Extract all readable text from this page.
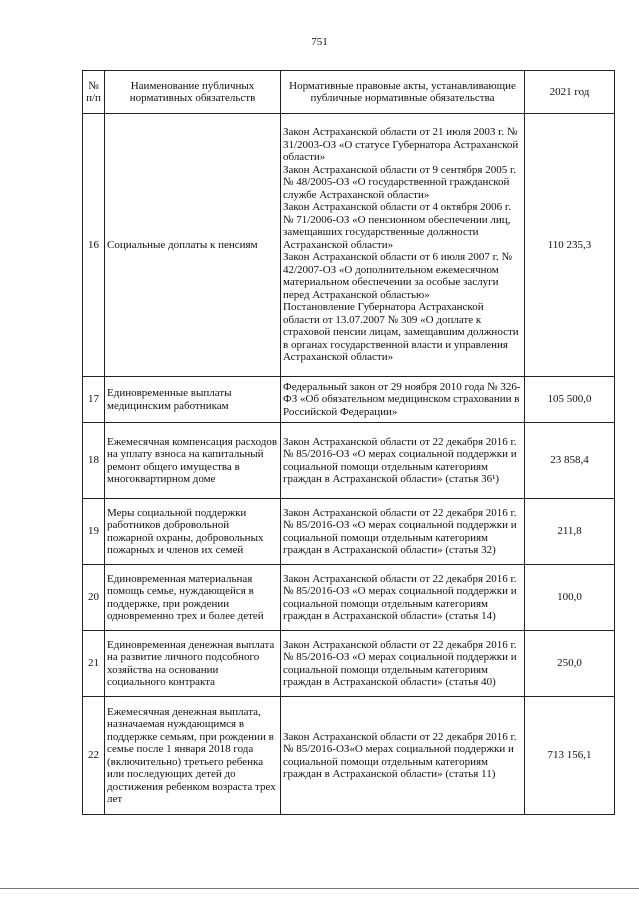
751
№
п/п	Наименование публичных нормативных обязательств	Нормативные правовые акты, устанавливающие публичные нормативные обязательства	2021 год
16	Социальные доплаты к пенсиям	Закон Астраханской области от 21 июля 2003 г. № 31/2003-ОЗ «О статусе Губернатора Астраханской области»
Закон Астраханской области от 9 сентября 2005 г. № 48/2005-ОЗ «О государственной гражданской службе Астраханской области»
Закон Астраханской области от 4 октября 2006 г. № 71/2006-ОЗ «О пенсионном обеспечении лиц, замещавших государственные должности Астраханской области»
Закон Астраханской области от 6 июля 2007 г. № 42/2007-ОЗ «О дополнительном ежемесячном материальном обеспечении за особые заслуги перед Астраханской областью»
Постановление Губернатора Астраханской области от 13.07.2007 № 309 «О доплате к страховой пенсии лицам, замещавшим должности в органах государственной власти и управления Астраханской области»	110 235,3
17	Единовременные выплаты медицинским работникам	Федеральный закон от 29 ноября 2010 года № 326-ФЗ «Об обязательном медицинском страховании в Российской Федерации»	105 500,0
18	Ежемесячная компенсация расходов на уплату взноса на капитальный ремонт общего имущества в многоквартирном доме	Закон Астраханской области от 22 декабря 2016 г. № 85/2016-ОЗ «О мерах социальной поддержки и социальной помощи отдельным категориям граждан в Астраханской области» (статья 36¹)	23 858,4
19	Меры социальной поддержки работников добровольной пожарной охраны, добровольных пожарных и членов их семей	Закон Астраханской области от 22 декабря 2016 г. № 85/2016-ОЗ «О мерах социальной поддержки и социальной помощи отдельным категориям граждан в Астраханской области» (статья 32)	211,8
20	Единовременная материальная помощь семье, нуждающейся в поддержке, при рождении одновременно трех и более детей	Закон Астраханской области от 22 декабря 2016 г. № 85/2016-ОЗ «О мерах социальной поддержки и социальной помощи отдельным категориям граждан в Астраханской области» (статья 14)	100,0
21	Единовременная денежная выплата на развитие личного подсобного хозяйства на основании социального контракта	Закон Астраханской области от 22 декабря 2016 г. № 85/2016-ОЗ «О мерах социальной поддержки и социальной помощи отдельным категориям граждан в Астраханской области» (статья 40)	250,0
22	Ежемесячная денежная выплата, назначаемая нуждающимся в поддержке семьям, при рождении в семье после 1 января 2018 года (включительно) третьего ребенка или последующих детей до достижения ребенком возраста трех лет	Закон Астраханской области от 22 декабря 2016 г. № 85/2016-ОЗ«О мерах социальной поддержки и социальной помощи отдельным категориям граждан в Астраханской области» (статья 11)	713 156,1
